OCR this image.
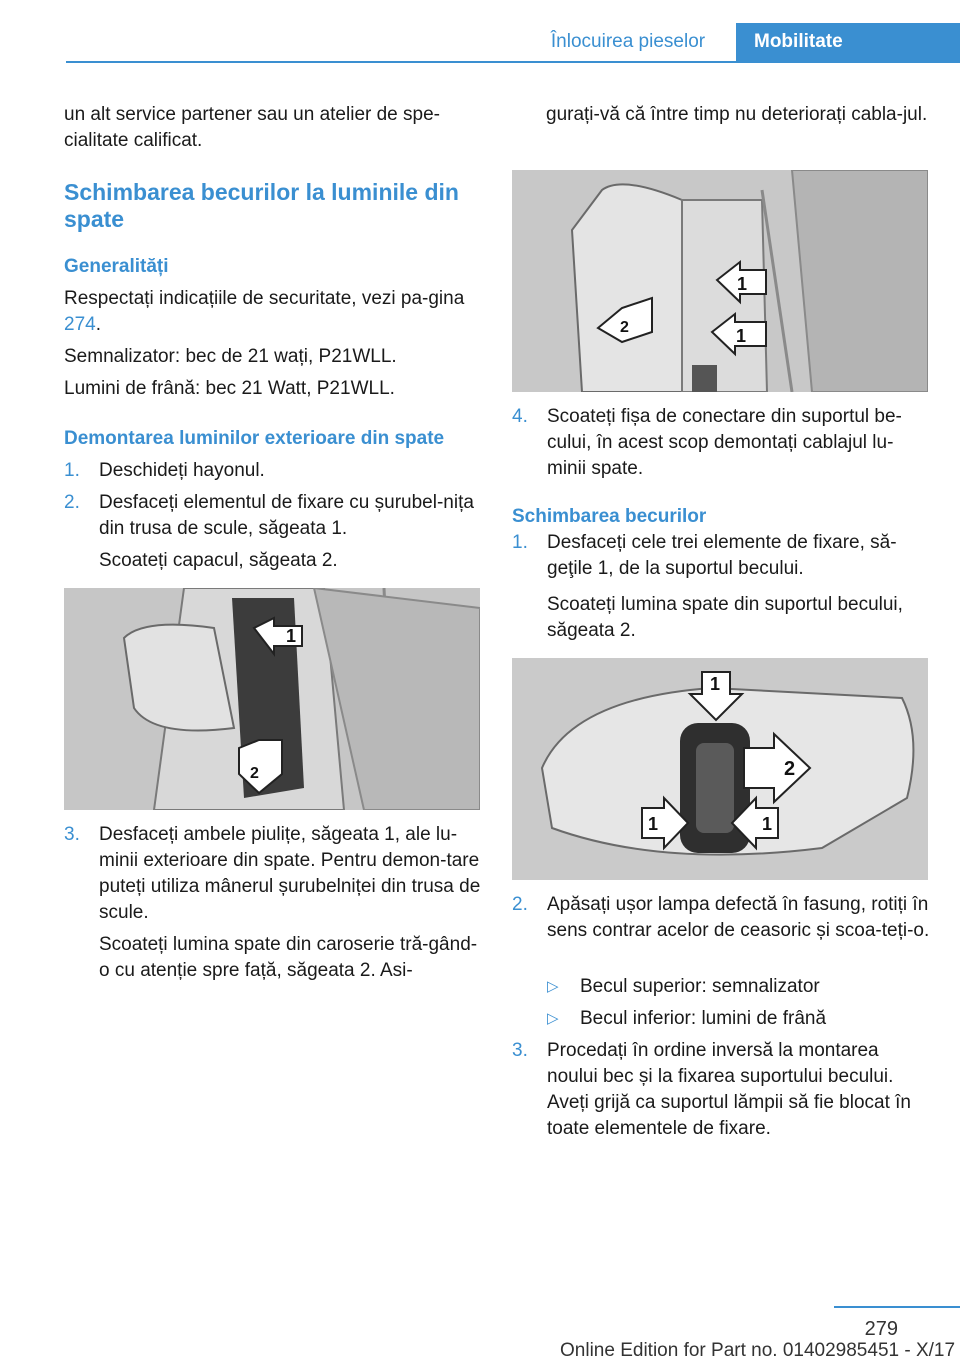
Înlocuirea pieselor	Mobilitate

un alt service partener sau un atelier de spe-cialitate calificat.

Schimbarea becurilor la luminile din spate
Generalități

Respectați indicațiile de securitate, vezi pa-gina 274.

Semnalizator: bec de 21 wați, P21WLL.

Lumini de frână: bec 21 Watt, P21WLL.

Demontarea luminilor exterioare din spate
1. Deschideți hayonul.
2. Desfaceți elementul de fixare cu șurubel-nița din trusa de scule, săgeata 1.
Scoateți capacul, săgeata 2.
1
2
3. Desfaceți ambele piulițe, săgeata 1, ale lu-minii exterioare din spate. Pentru demon-tare puteți utiliza mânerul șurubelniței din trusa de scule.
Scoateți lumina spate din caroserie tră-gând-o cu atenție spre față, săgeata 2. Asi-

gurați-vă că între timp nu deteriorați cabla-jul.

1
2	1
4. Scoateți fișa de conectare din suportul be-cului, în acest scop demontați cablajul lu-minii spate.
Schimbarea becurilor
1. Desfaceți cele trei elemente de fixare, să-geţile 1, de la suportul becului.
Scoateți lumina spate din suportul becului, săgeata 2.
1
2
1	1
2. Apăsați ușor lampa defectă în fasung, rotiți în sens contrar acelor de ceasoric și scoa-teți-o.
▷ Becul superior: semnalizator
▷ Becul inferior: lumini de frână
3. Procedați în ordine inversă la montarea noului bec și la fixarea suportului becului. Aveți grijă ca suportul lămpii să fie blocat în toate elementele de fixare.
279
Online Edition for Part no. 01402985451 - X/17
